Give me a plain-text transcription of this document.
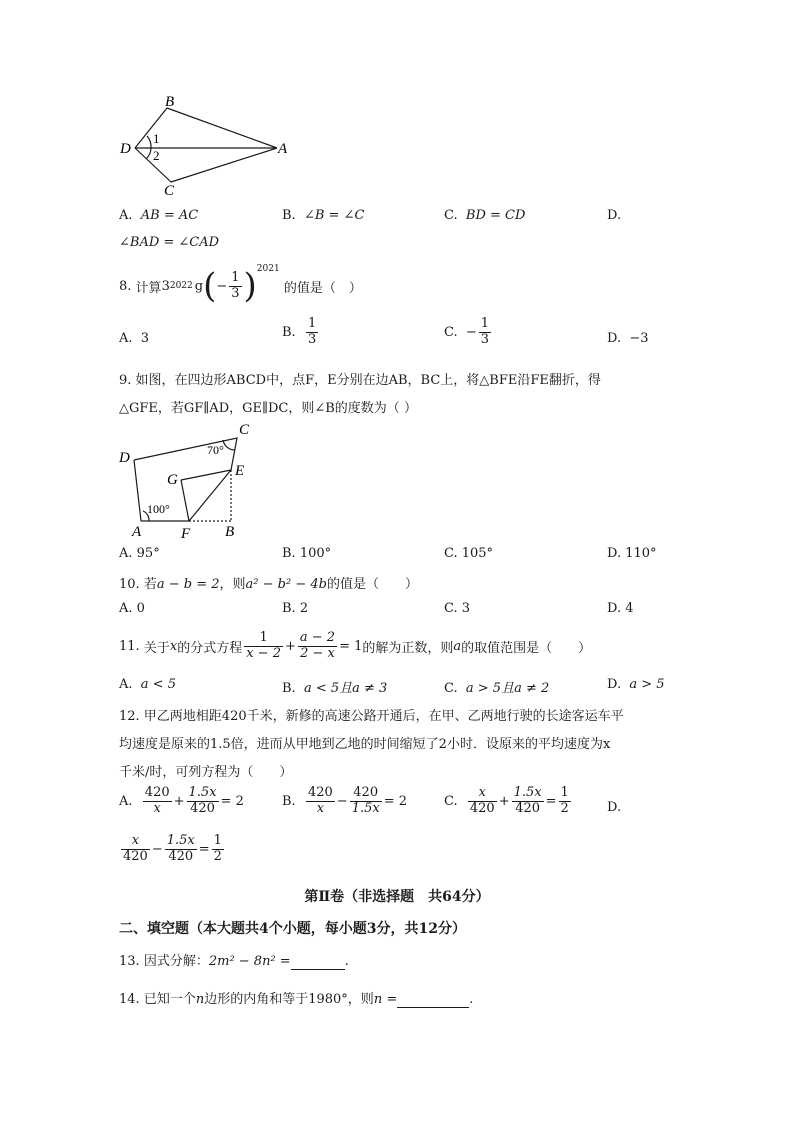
B
D	A
C
1
2
A. AB = AC	B. ∠B = ∠C	C. BD = CD	D.
∠BAD = ∠CAD
8.
计算 3 2022 g ( − $\frac{1}{3} )^{2021}$

的值是（　）
A. 3	B.
$\frac{1}{3}$	C.
− $\frac{1}{3}$	D. −3
9. 如图，在四边形ABCD中，点F，E分别在边AB，BC上，将△BFE沿FE翻折，得
△GFE，若GF∥AD，GE∥DC，则∠B的度数为（ ）
D
C
G
E
A	F B
70°
100°
A. 95°	B. 100°	C. 105°	D. 110°
10. 若a − b = 2，则a² − b² − 4b的值是（　　）
A. 0	B. 2	C. 3	D. 4
11.
关于 x 的分式方程 $\frac{1}{x - 2} + \frac{a - 2}{2 - x} = 1$ 的解为正数，则 a 的取值范围是（　　）
A. a < 5	B. a < 5且a ≠ 3	C. a > 5且a ≠ 2	D. a > 5
12. 甲乙两地相距420千米，新修的高速公路开通后，在甲、乙两地行驶的长途客运车平
均速度是原来的1.5倍，进而从甲地到乙地的时间缩短了2小时．设原来的平均速度为x
千米/时，可列方程为（　　）
A.
$\frac{420}{x} + \frac{1.5x}{420} = 2$	B.
$\frac{420}{x} - \frac{420}{1.5x} = 2$	C.
$\frac{x}{420} + \frac{1.5x}{420} = \frac{1}{2}$	D.
$\frac{x}{420} - \frac{1.5x}{420} = \frac{1}{2}$
第Ⅱ卷（非选择题　共64分）
二、填空题（本大题共4个小题，每小题3分，共12分）
13. 因式分解：2m² − 8n² =	.
14. 已知一个n边形的内角和等于1980°，则n =	.
